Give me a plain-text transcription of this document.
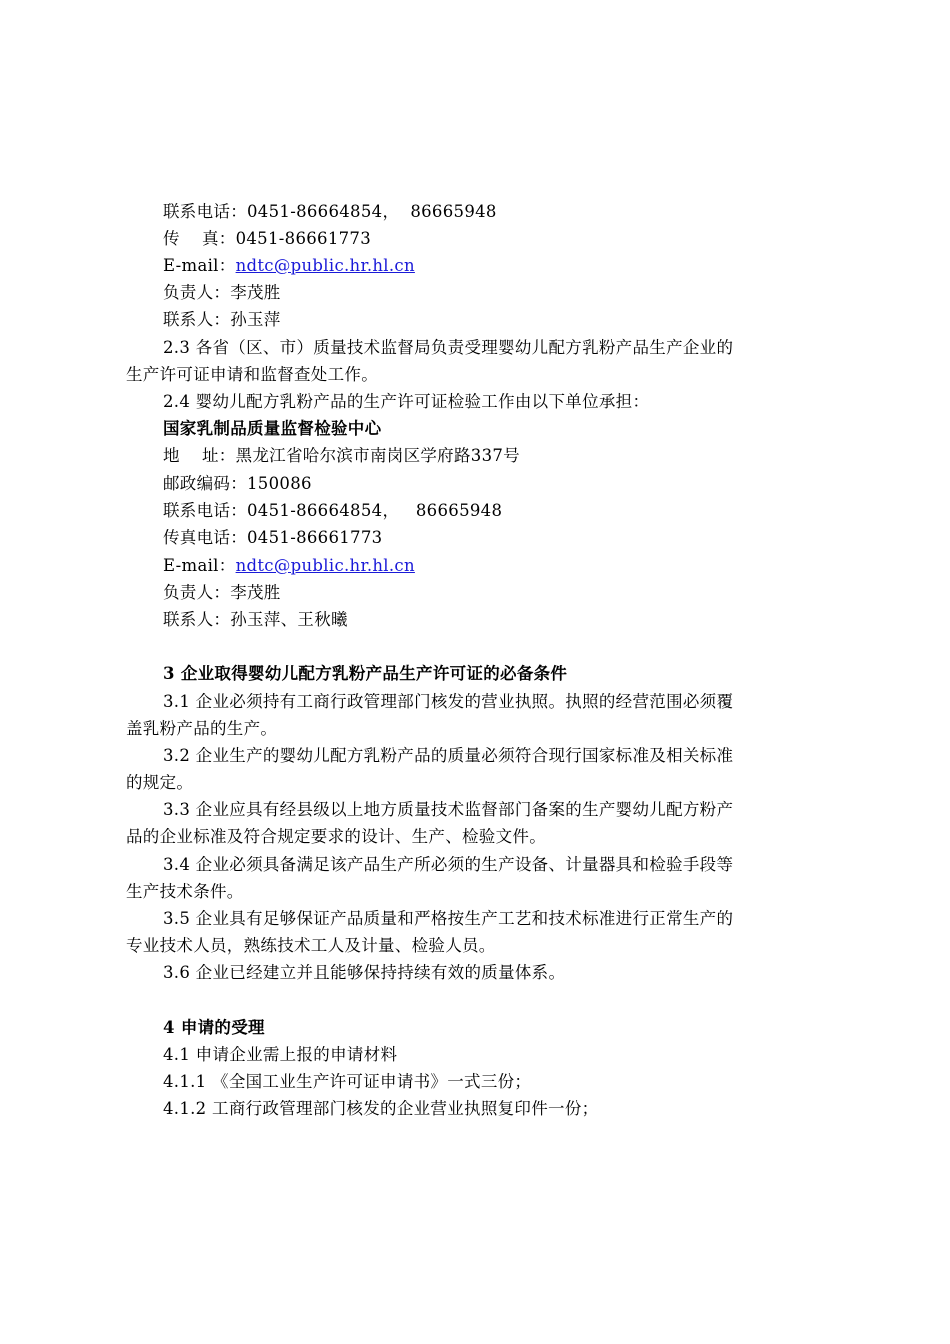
联系电话：0451-86664854，  86665948
传    真：0451-86661773
E-mail：ndtc@public.hr.hl.cn
负责人：李茂胜
联系人：孙玉萍
2.3 各省（区、市）质量技术监督局负责受理婴幼儿配方乳粉产品生产企业的
生产许可证申请和监督查处工作。
2.4 婴幼儿配方乳粉产品的生产许可证检验工作由以下单位承担：
国家乳制品质量监督检验中心
地    址：黑龙江省哈尔滨市南岗区学府路337号
邮政编码：150086
联系电话：0451-86664854，   86665948
传真电话：0451-86661773
E-mail：ndtc@public.hr.hl.cn
负责人：李茂胜
联系人：孙玉萍、王秋曦
3 企业取得婴幼儿配方乳粉产品生产许可证的必备条件
3.1 企业必须持有工商行政管理部门核发的营业执照。执照的经营范围必须覆
盖乳粉产品的生产。
3.2 企业生产的婴幼儿配方乳粉产品的质量必须符合现行国家标准及相关标准
的规定。
3.3 企业应具有经县级以上地方质量技术监督部门备案的生产婴幼儿配方粉产
品的企业标准及符合规定要求的设计、生产、检验文件。
3.4 企业必须具备满足该产品生产所必须的生产设备、计量器具和检验手段等
生产技术条件。
3.5 企业具有足够保证产品质量和严格按生产工艺和技术标准进行正常生产的
专业技术人员，熟练技术工人及计量、检验人员。
3.6 企业已经建立并且能够保持持续有效的质量体系。
4 申请的受理
4.1 申请企业需上报的申请材料
4.1.1 《全国工业生产许可证申请书》一式三份；
4.1.2 工商行政管理部门核发的企业营业执照复印件一份；
